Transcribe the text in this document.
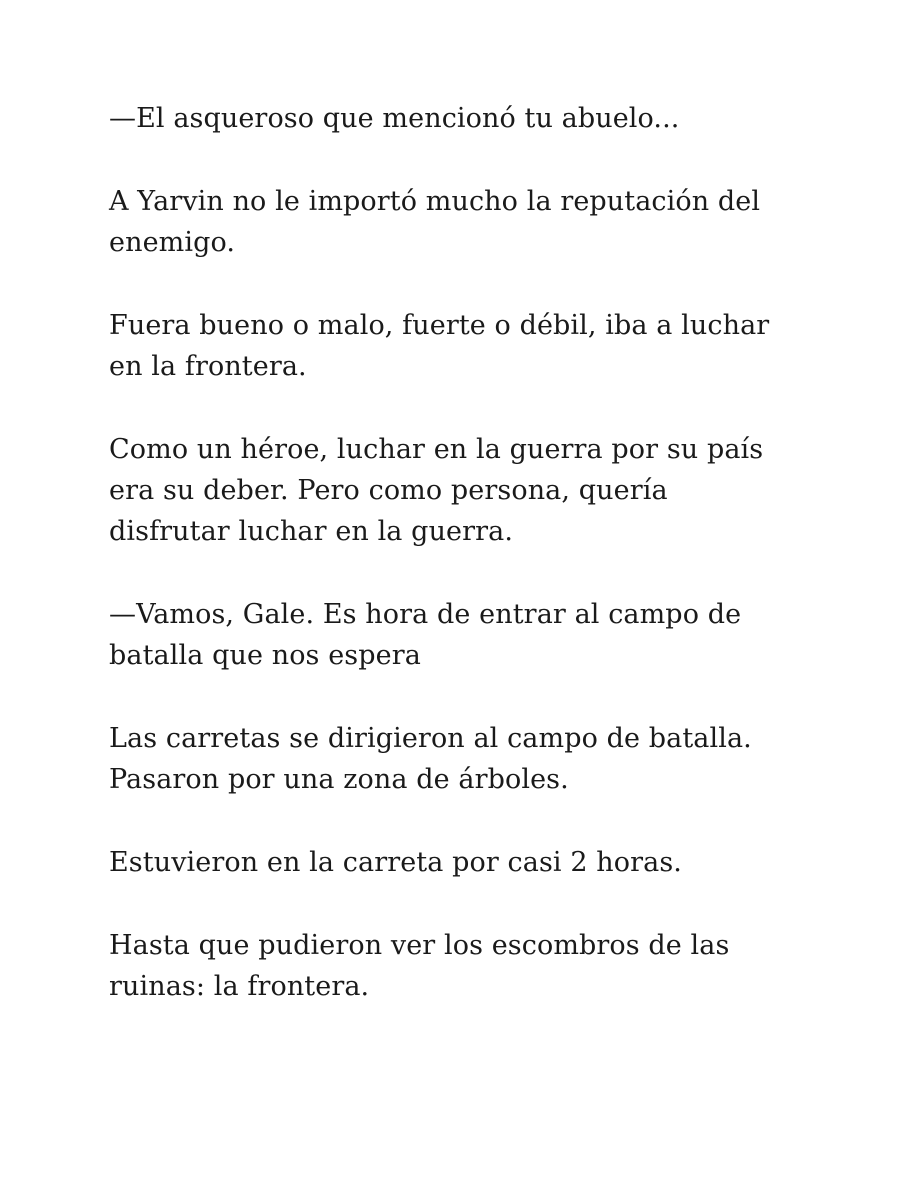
—El asqueroso que mencionó tu abuelo...

A Yarvin no le importó mucho la reputación del
enemigo.

Fuera bueno o malo, fuerte o débil, iba a luchar
en la frontera.

Como un héroe, luchar en la guerra por su país
era su deber. Pero como persona, quería
disfrutar luchar en la guerra.

—Vamos, Gale. Es hora de entrar al campo de
batalla que nos espera

Las carretas se dirigieron al campo de batalla.
Pasaron por una zona de árboles.

Estuvieron en la carreta por casi 2 horas.

Hasta que pudieron ver los escombros de las
ruinas: la frontera.
